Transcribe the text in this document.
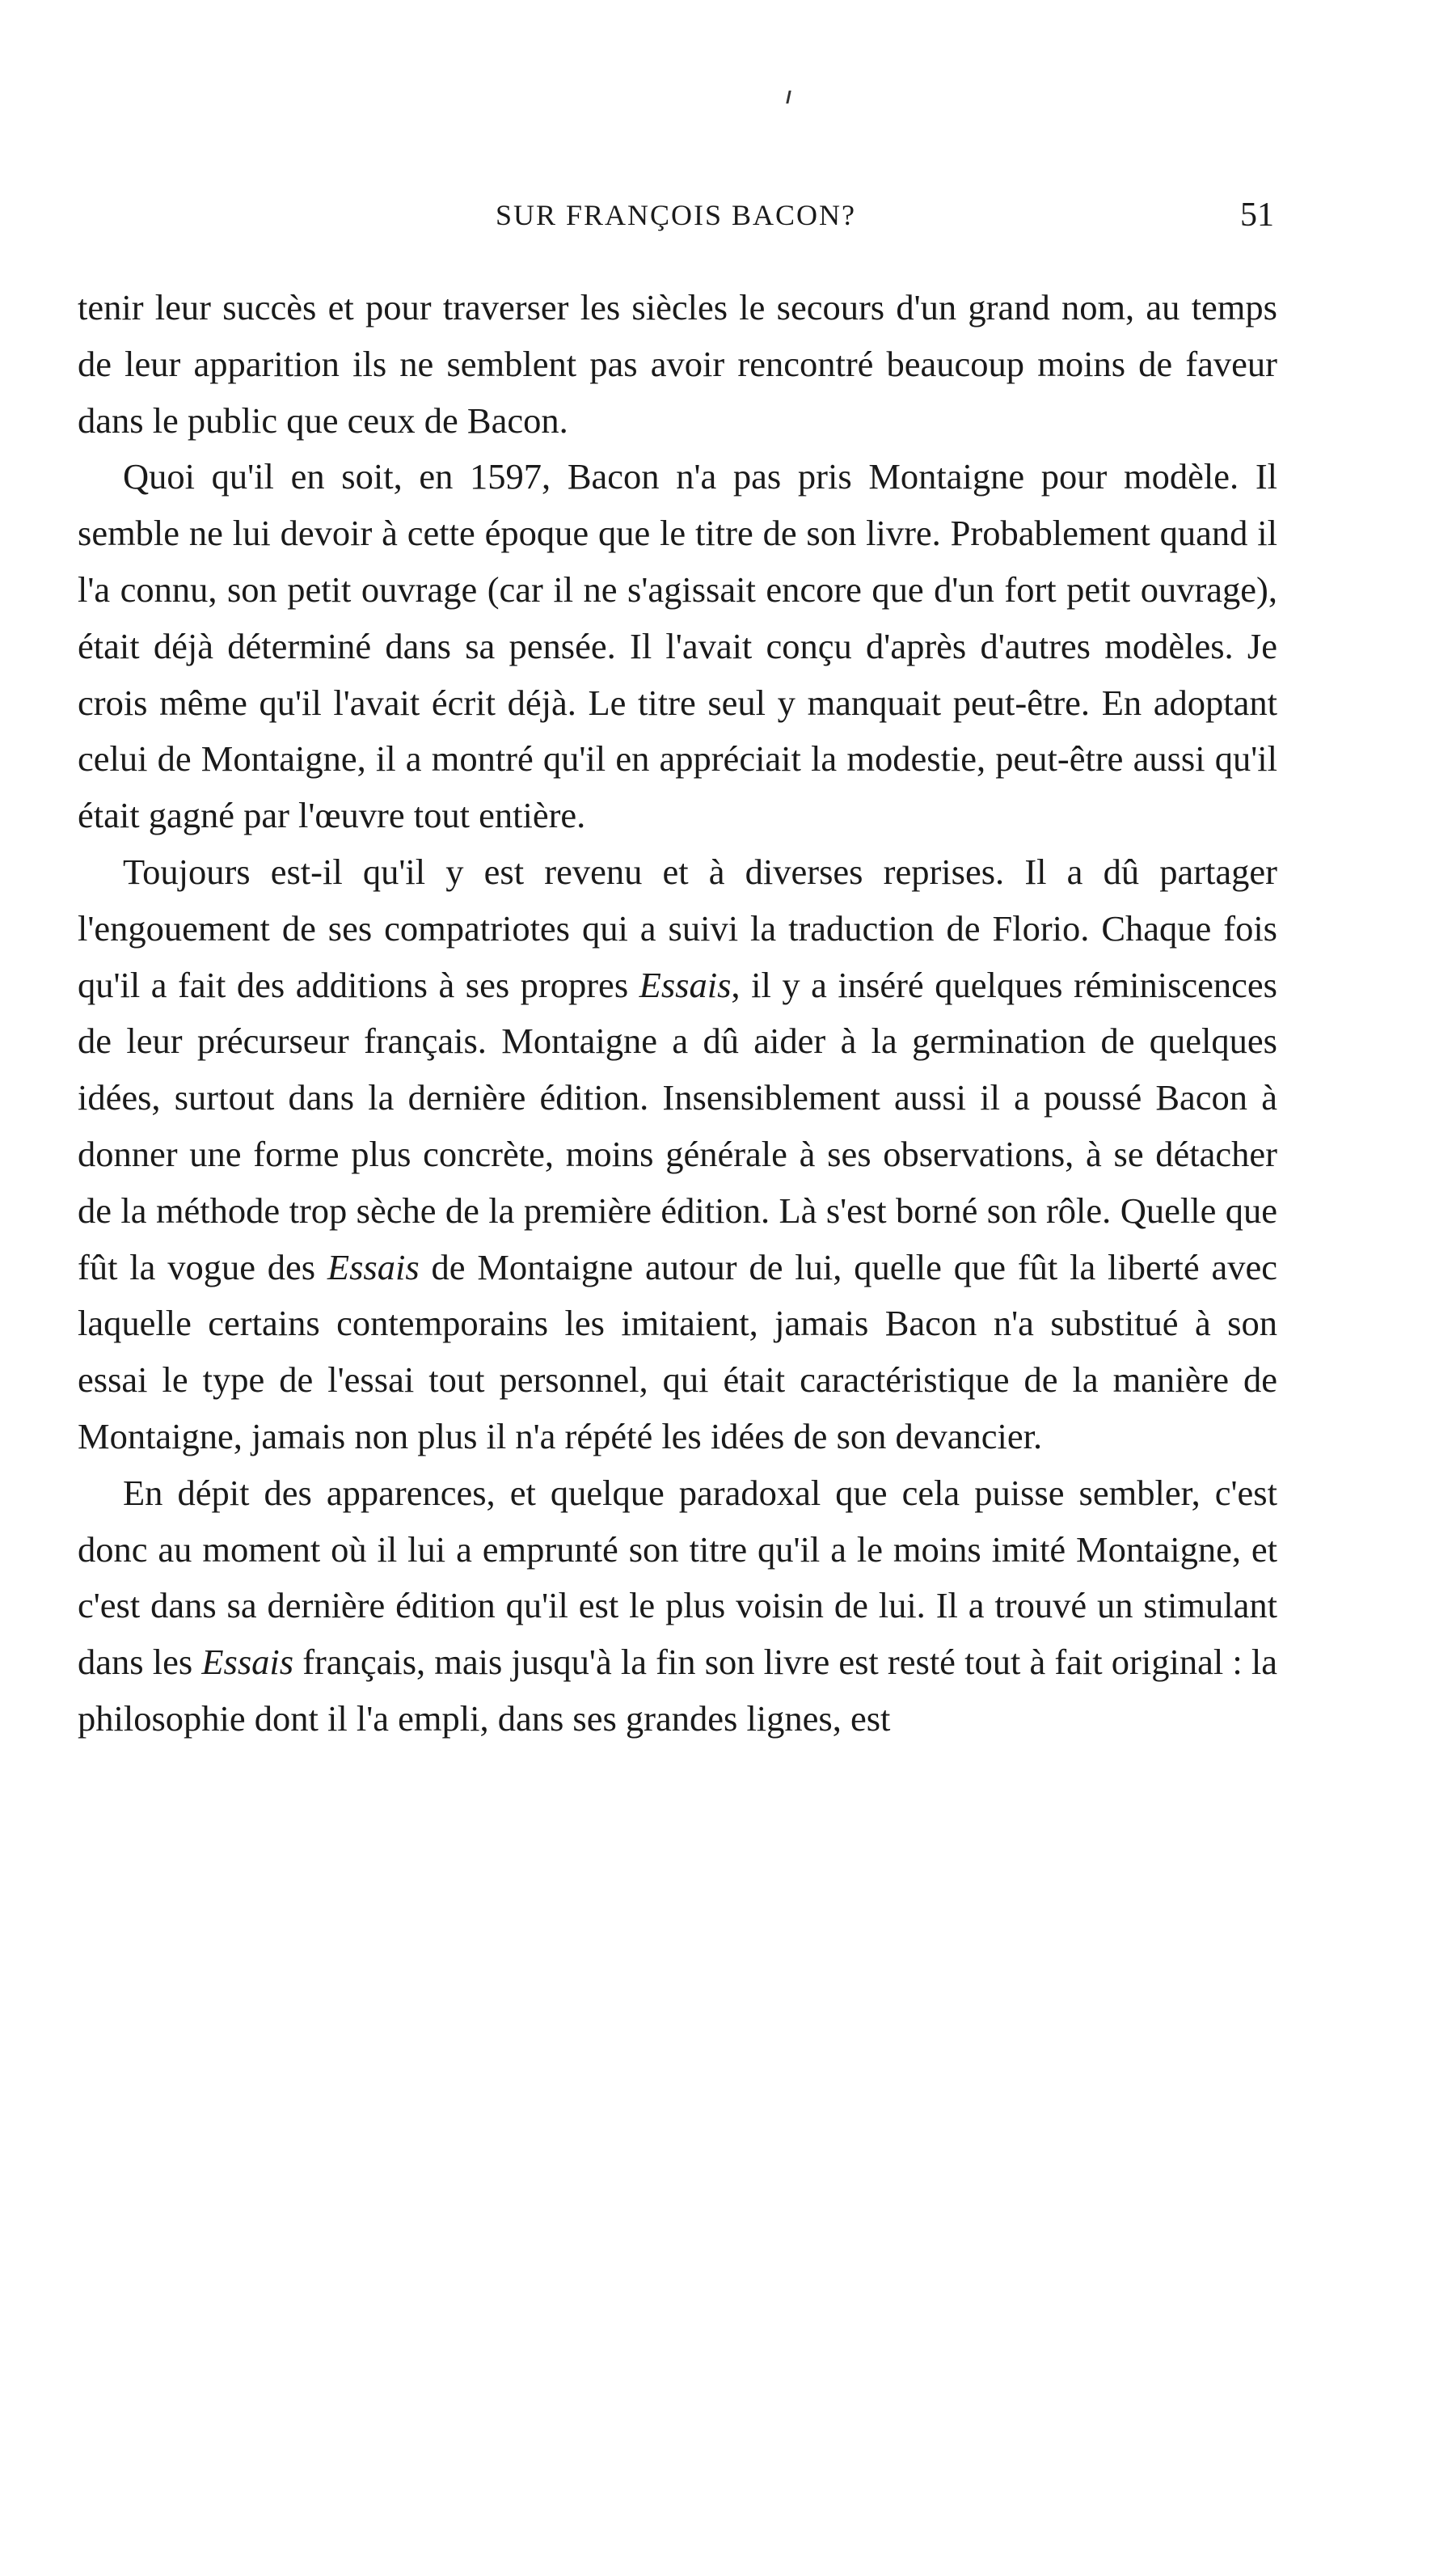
SUR FRANÇOIS BACON?	51

tenir leur succès et pour traverser les siècles le secours d'un grand nom, au temps de leur apparition ils ne semblent pas avoir rencontré beaucoup moins de faveur dans le public que ceux de Bacon.

Quoi qu'il en soit, en 1597, Bacon n'a pas pris Montaigne pour modèle. Il semble ne lui devoir à cette époque que le titre de son livre. Probablement quand il l'a connu, son petit ouvrage (car il ne s'agissait encore que d'un fort petit ouvrage), était déjà déterminé dans sa pensée. Il l'avait conçu d'après d'autres modèles. Je crois même qu'il l'avait écrit déjà. Le titre seul y manquait peut-être. En adoptant celui de Montaigne, il a montré qu'il en appréciait la modestie, peut-être aussi qu'il était gagné par l'œuvre tout entière.

Toujours est-il qu'il y est revenu et à diverses reprises. Il a dû partager l'engouement de ses compatriotes qui a suivi la traduction de Florio. Chaque fois qu'il a fait des additions à ses propres Essais, il y a inséré quelques réminiscences de leur précurseur français. Montaigne a dû aider à la germination de quelques idées, surtout dans la dernière édition. Insensiblement aussi il a poussé Bacon à donner une forme plus concrète, moins générale à ses observations, à se détacher de la méthode trop sèche de la première édition. Là s'est borné son rôle. Quelle que fût la vogue des Essais de Montaigne autour de lui, quelle que fût la liberté avec laquelle certains contemporains les imitaient, jamais Bacon n'a substitué à son essai le type de l'essai tout personnel, qui était caractéristique de la manière de Montaigne, jamais non plus il n'a répété les idées de son devancier.

En dépit des apparences, et quelque paradoxal que cela puisse sembler, c'est donc au moment où il lui a emprunté son titre qu'il a le moins imité Montaigne, et c'est dans sa dernière édition qu'il est le plus voisin de lui. Il a trouvé un stimulant dans les Essais français, mais jusqu'à la fin son livre est resté tout à fait original : la philosophie dont il l'a empli, dans ses grandes lignes, est
